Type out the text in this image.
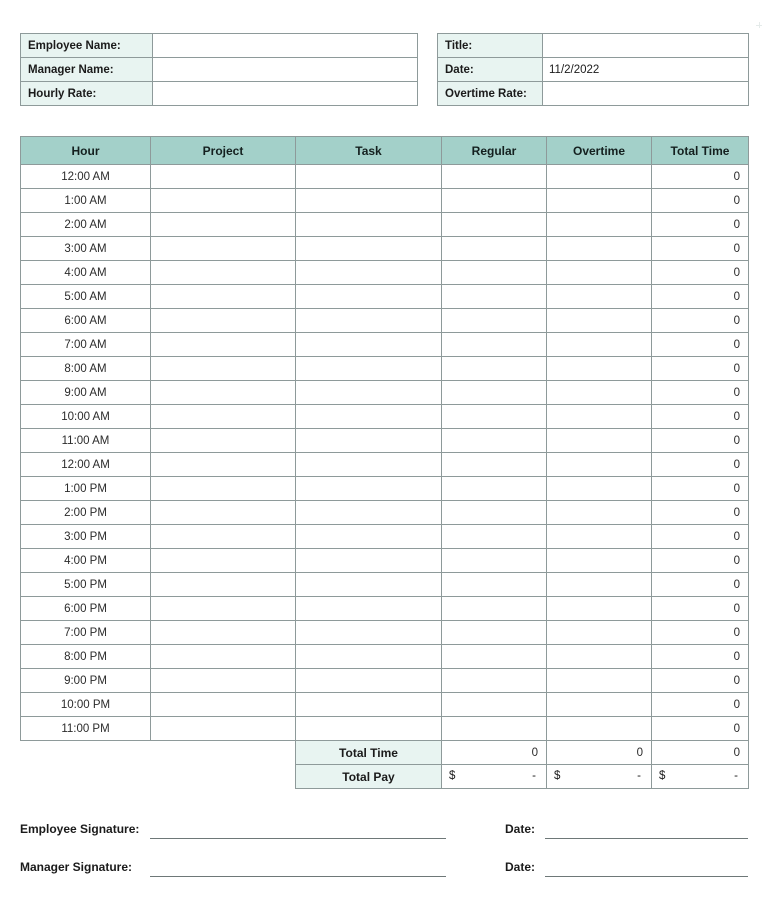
Employee Name:	
Manager Name:	
Hourly Rate:	
Title:	
Date:	11/2/2022
Overtime Rate:	
Hour	Project	Task	Regular	Overtime	Total Time
12:00 AM					0
1:00 AM					0
2:00 AM					0
3:00 AM					0
4:00 AM					0
5:00 AM					0
6:00 AM					0
7:00 AM					0
8:00 AM					0
9:00 AM					0
10:00 AM					0
11:00 AM					0
12:00 AM					0
1:00 PM					0
2:00 PM					0
3:00 PM					0
4:00 PM					0
5:00 PM					0
6:00 PM					0
7:00 PM					0
8:00 PM					0
9:00 PM					0
10:00 PM					0
11:00 PM					0
		Total Time	0	0	0
		Total Pay	$ -	$ -	$ -
Employee Signature:	Date:
Manager Signature:	Date:
